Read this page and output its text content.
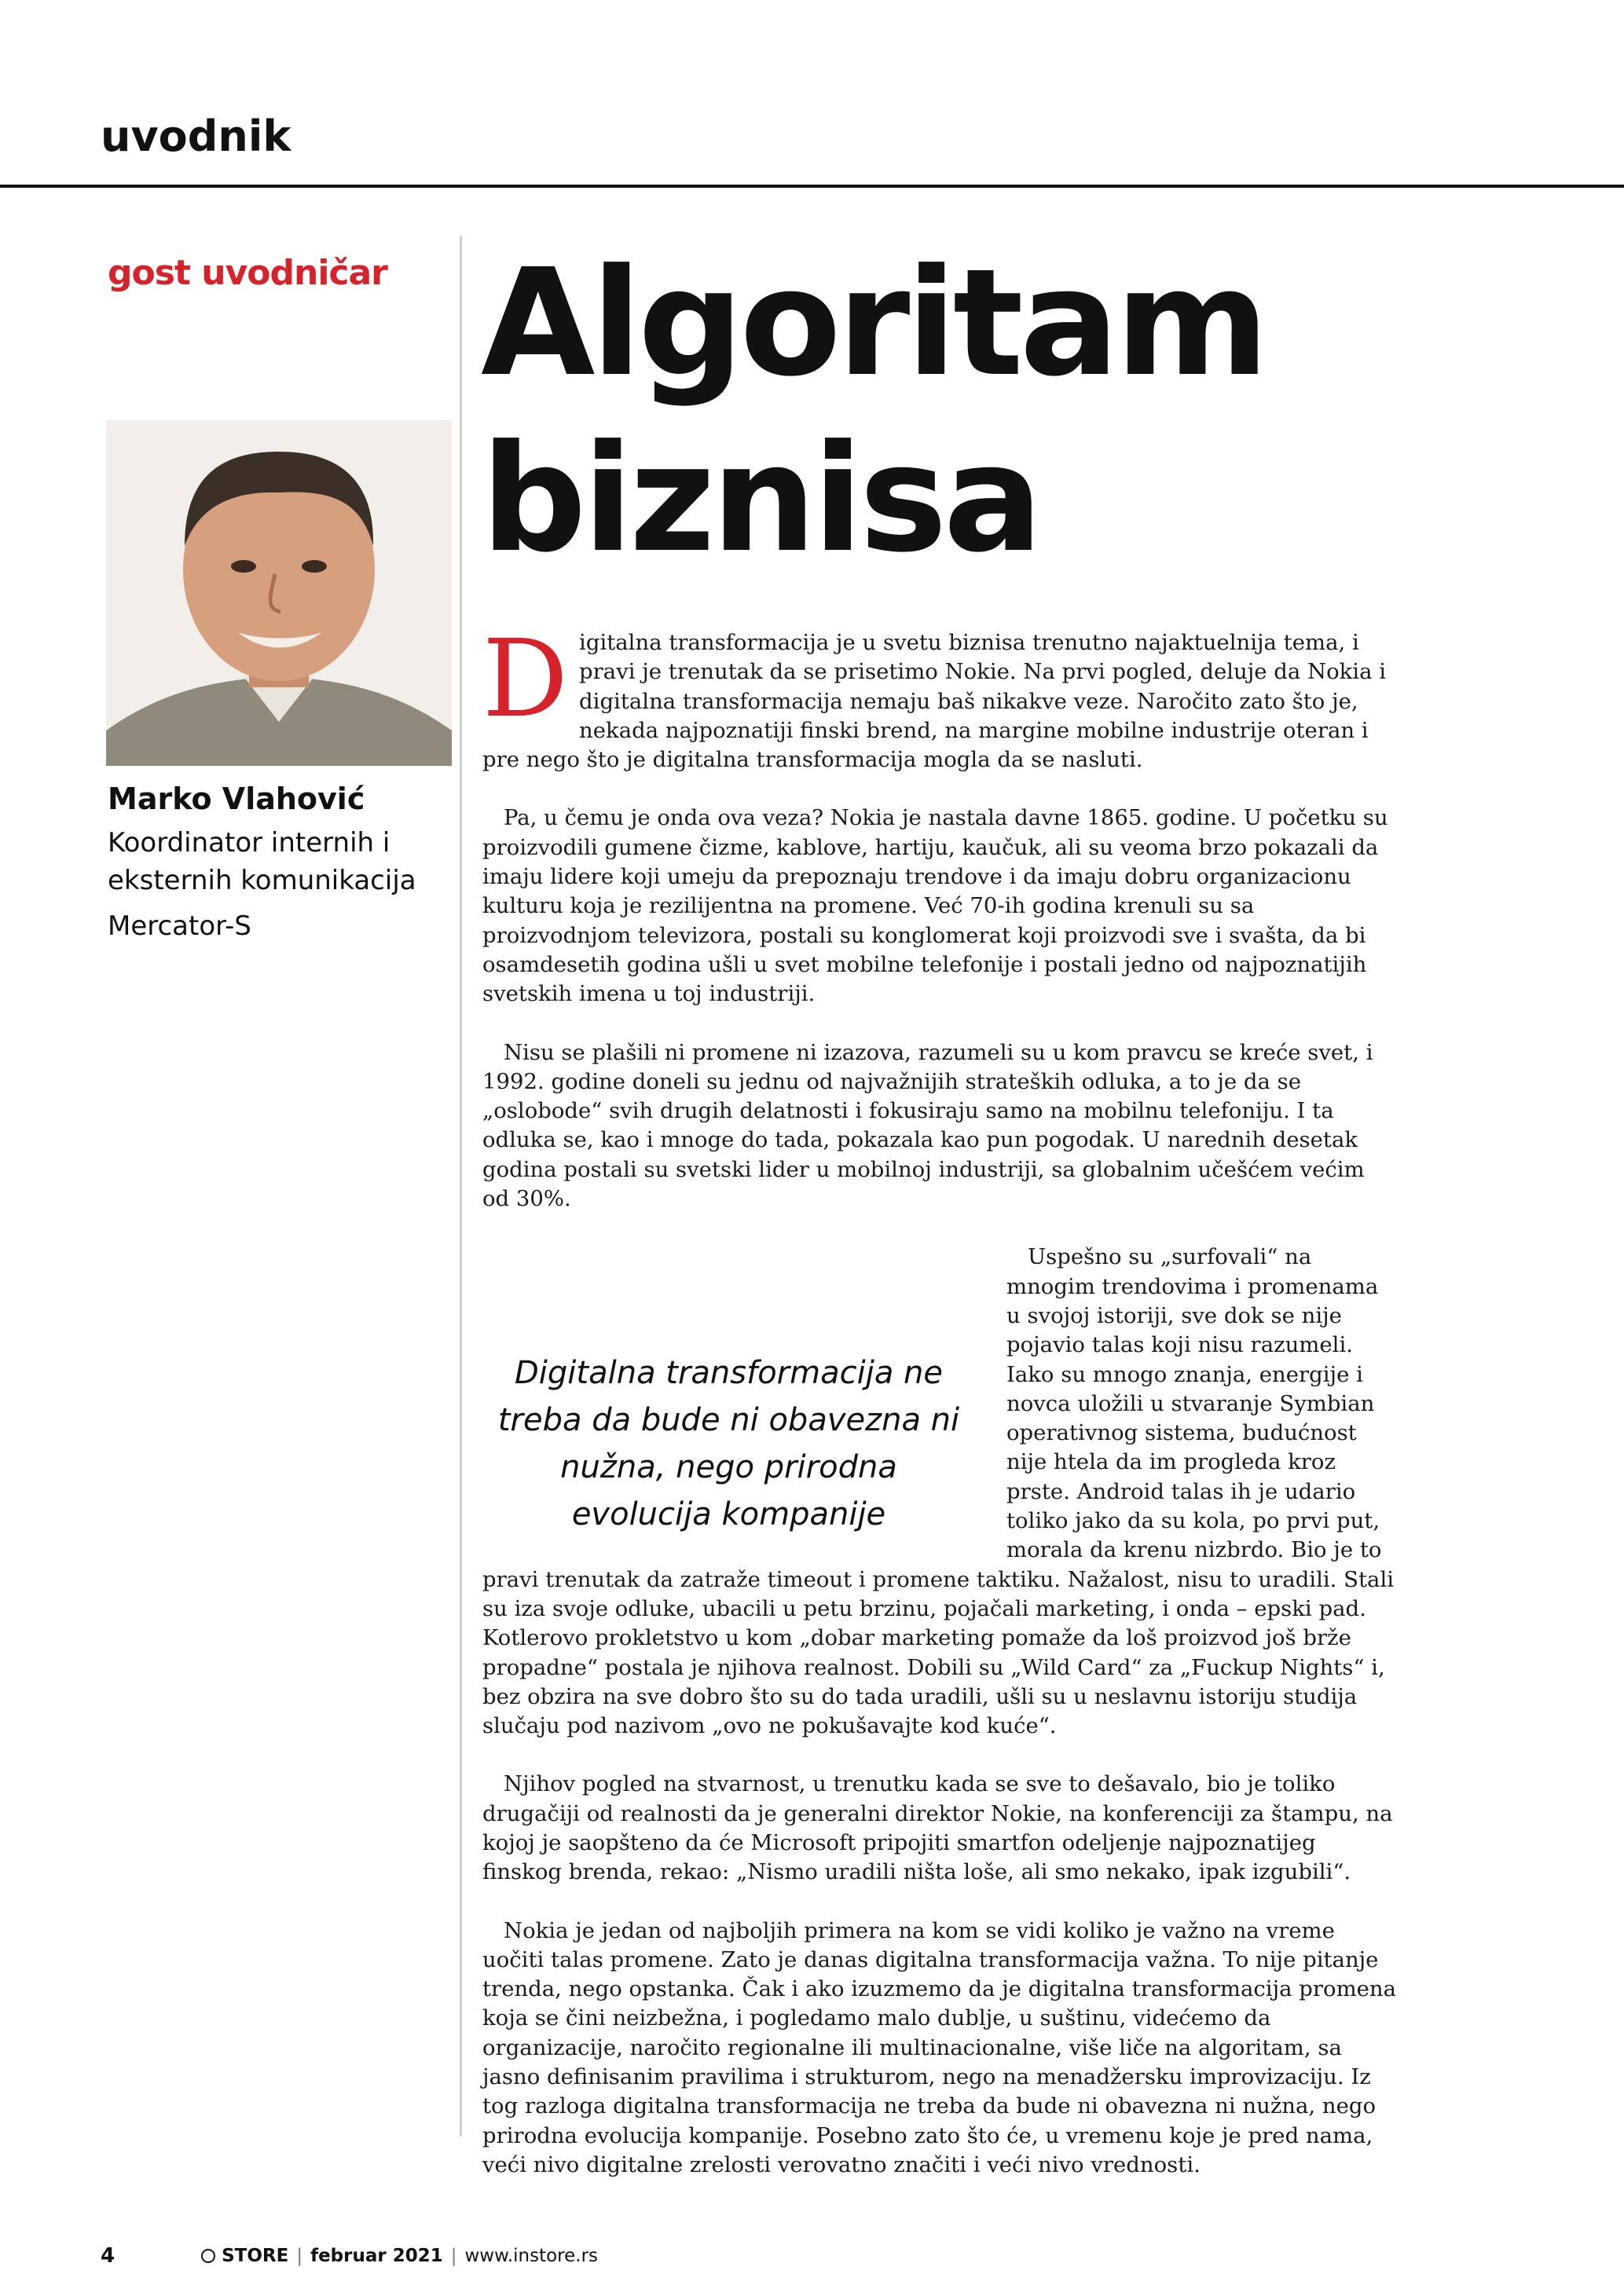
uvodnik
gost uvodničar
Marko Vlahović
Koordinator internih i eksternih komunikacija
Mercator-S
Algoritam
biznisa

Digitalna transformacija je u svetu biznisa trenutno najaktuelnija tema, i pravi je trenutak da se prisetimo Nokie. Na prvi pogled, deluje da Nokia i digitalna transformacija nemaju baš nikakve veze. Naročito zato što je, nekada najpoznatiji finski brend, na margine mobilne industrije oteran i pre nego što je digitalna transformacija mogla da se nasluti.

Pa, u čemu je onda ova veza? Nokia je nastala davne 1865. godine. U početku su proizvodili gumene čizme, kablove, hartiju, kaučuk, ali su veoma brzo pokazali da imaju lidere koji umeju da prepoznaju trendove i da imaju dobru organizacionu kulturu koja je rezilijentna na promene. Već 70-ih godina krenuli su sa proizvodnjom televizora, postali su konglomerat koji proizvodi sve i svašta, da bi osamdesetih godina ušli u svet mobilne telefonije i postali jedno od najpoznatijih svetskih imena u toj industriji.

Nisu se plašili ni promene ni izazova, razumeli su u kom pravcu se kreće svet, i 1992. godine doneli su jednu od najvažnijih strateških odluka, a to je da se „oslobode“ svih drugih delatnosti i fokusiraju samo na mobilnu telefoniju. I ta odluka se, kao i mnoge do tada, pokazala kao pun pogodak. U narednih desetak godina postali su svetski lider u mobilnoj industriji, sa globalnim učešćem većim od 30%.

Uspešno su „surfovali“ na mnogim trendovima i promenama u svojoj istoriji, sve dok se nije pojavio talas koji nisu razumeli. Iako su mnogo znanja, energije i novca uložili u stvaranje Symbian operativnog sistema, budućnost nije htela da im progleda kroz prste. Android talas ih je udario toliko jako da su kola, po prvi put, morala da krenu nizbrdo. Bio je to pravi trenutak da zatraže timeout i promene taktiku. Nažalost, nisu to uradili. Stali su iza svoje odluke, ubacili u petu brzinu, pojačali marketing, i onda – epski pad. Kotlerovo prokletstvo u kom „dobar marketing pomaže da loš proizvod još brže propadne“ postala je njihova realnost. Dobili su „Wild Card“ za „Fuckup Nights“ i, bez obzira na sve dobro što su do tada uradili, ušli su u neslavnu istoriju studija slučaju pod nazivom „ovo ne pokušavajte kod kuće“.

Njihov pogled na stvarnost, u trenutku kada se sve to dešavalo, bio je toliko drugačiji od realnosti da je generalni direktor Nokie, na konferenciji za štampu, na kojoj je saopšteno da će Microsoft pripojiti smartfon odeljenje najpoznatijeg finskog brenda, rekao: „Nismo uradili ništa loše, ali smo nekako, ipak izgubili“.

Nokia je jedan od najboljih primera na kom se vidi koliko je važno na vreme uočiti talas promene. Zato je danas digitalna transformacija važna. To nije pitanje trenda, nego opstanka. Čak i ako izuzmemo da je digitalna transformacija promena koja se čini neizbežna, i pogledamo malo dublje, u suštinu, videćemo da organizacije, naročito regionalne ili multinacionalne, više liče na algoritam, sa jasno definisanim pravilima i strukturom, nego na menadžersku improvizaciju. Iz tog razloga digitalna transformacija ne treba da bude ni obavezna ni nužna, nego prirodna evolucija kompanije. Posebno zato što će, u vremenu koje je pred nama, veći nivo digitalne zrelosti verovatno značiti i veći nivo vrednosti.

Digitalna transformacija ne treba da bude ni obavezna ni nužna, nego prirodna evolucija kompanije
4	STORE | februar 2021 | www.instore.rs
